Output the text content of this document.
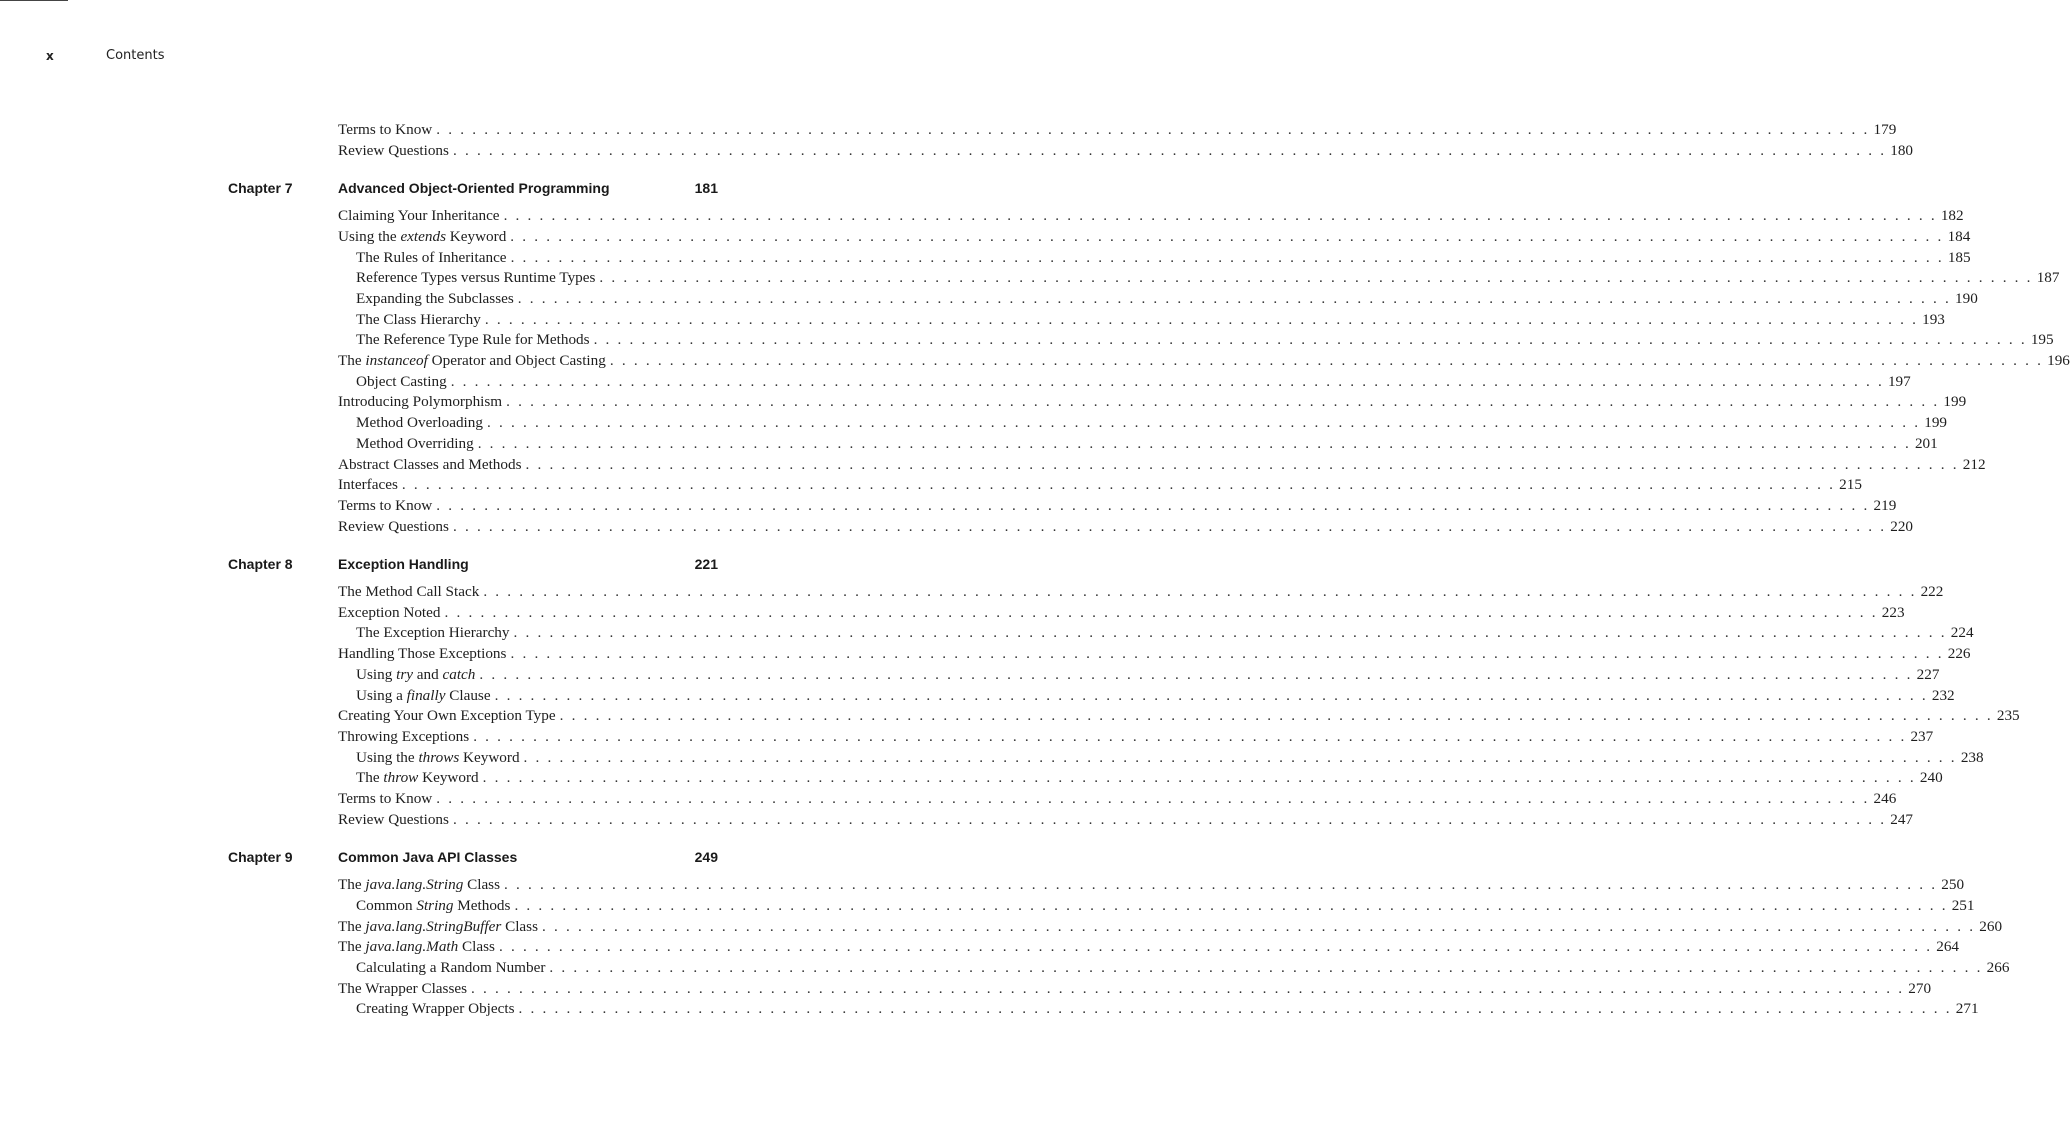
x	Contents
Terms to Know . . . . . . . . . . . . . . . . . . . . . . . . . . . . . . . . . . . . . . . . . . . . . . . . . . . . . . . . . . . . . . . . . . . . . . . . . . . . . . . . . . . . . . . . . . . . . . . . . . . . . . . . . . . . . . . . . . . . . . . . 179
Review Questions . . . . . . . . . . . . . . . . . . . . . . . . . . . . . . . . . . . . . . . . . . . . . . . . . . . . . . . . . . . . . . . . . . . . . . . . . . . . . . . . . . . . . . . . . . . . . . . . . . . . . . . . . . . . . . . . . . . . . . . . 180
Chapter 7	Advanced Object-Oriented Programming	181
Claiming Your Inheritance . . . . . . . . . . . . . . . . . . . . . . . . . . . . . . . . . . . . . . . . . . . . . . . . . . . . . . . . . . . . . . . . . . . . . . . . . . . . . . . . . . . . . . . . . . . . . . . . . . . . . . . . . . . . . . . . . . . . . . . . 182
Using the extends Keyword . . . . . . . . . . . . . . . . . . . . . . . . . . . . . . . . . . . . . . . . . . . . . . . . . . . . . . . . . . . . . . . . . . . . . . . . . . . . . . . . . . . . . . . . . . . . . . . . . . . . . . . . . . . . . . . . . . . . . . . . 184
The Rules of Inheritance . . . . . . . . . . . . . . . . . . . . . . . . . . . . . . . . . . . . . . . . . . . . . . . . . . . . . . . . . . . . . . . . . . . . . . . . . . . . . . . . . . . . . . . . . . . . . . . . . . . . . . . . . . . . . . . . . . . . . . . . 185
Reference Types versus Runtime Types . . . . . . . . . . . . . . . . . . . . . . . . . . . . . . . . . . . . . . . . . . . . . . . . . . . . . . . . . . . . . . . . . . . . . . . . . . . . . . . . . . . . . . . . . . . . . . . . . . . . . . . . . . . . . . . . . . . . . . . . 187
Expanding the Subclasses . . . . . . . . . . . . . . . . . . . . . . . . . . . . . . . . . . . . . . . . . . . . . . . . . . . . . . . . . . . . . . . . . . . . . . . . . . . . . . . . . . . . . . . . . . . . . . . . . . . . . . . . . . . . . . . . . . . . . . . . 190
The Class Hierarchy . . . . . . . . . . . . . . . . . . . . . . . . . . . . . . . . . . . . . . . . . . . . . . . . . . . . . . . . . . . . . . . . . . . . . . . . . . . . . . . . . . . . . . . . . . . . . . . . . . . . . . . . . . . . . . . . . . . . . . . . 193
The Reference Type Rule for Methods . . . . . . . . . . . . . . . . . . . . . . . . . . . . . . . . . . . . . . . . . . . . . . . . . . . . . . . . . . . . . . . . . . . . . . . . . . . . . . . . . . . . . . . . . . . . . . . . . . . . . . . . . . . . . . . . . . . . . . . . 195
The instanceof Operator and Object Casting . . . . . . . . . . . . . . . . . . . . . . . . . . . . . . . . . . . . . . . . . . . . . . . . . . . . . . . . . . . . . . . . . . . . . . . . . . . . . . . . . . . . . . . . . . . . . . . . . . . . . . . . . . . . . . . . . . . . . . . . 196
Object Casting . . . . . . . . . . . . . . . . . . . . . . . . . . . . . . . . . . . . . . . . . . . . . . . . . . . . . . . . . . . . . . . . . . . . . . . . . . . . . . . . . . . . . . . . . . . . . . . . . . . . . . . . . . . . . . . . . . . . . . . . 197
Introducing Polymorphism . . . . . . . . . . . . . . . . . . . . . . . . . . . . . . . . . . . . . . . . . . . . . . . . . . . . . . . . . . . . . . . . . . . . . . . . . . . . . . . . . . . . . . . . . . . . . . . . . . . . . . . . . . . . . . . . . . . . . . . . 199
Method Overloading . . . . . . . . . . . . . . . . . . . . . . . . . . . . . . . . . . . . . . . . . . . . . . . . . . . . . . . . . . . . . . . . . . . . . . . . . . . . . . . . . . . . . . . . . . . . . . . . . . . . . . . . . . . . . . . . . . . . . . . . 199
Method Overriding . . . . . . . . . . . . . . . . . . . . . . . . . . . . . . . . . . . . . . . . . . . . . . . . . . . . . . . . . . . . . . . . . . . . . . . . . . . . . . . . . . . . . . . . . . . . . . . . . . . . . . . . . . . . . . . . . . . . . . . . 201
Abstract Classes and Methods . . . . . . . . . . . . . . . . . . . . . . . . . . . . . . . . . . . . . . . . . . . . . . . . . . . . . . . . . . . . . . . . . . . . . . . . . . . . . . . . . . . . . . . . . . . . . . . . . . . . . . . . . . . . . . . . . . . . . . . . 212
Interfaces . . . . . . . . . . . . . . . . . . . . . . . . . . . . . . . . . . . . . . . . . . . . . . . . . . . . . . . . . . . . . . . . . . . . . . . . . . . . . . . . . . . . . . . . . . . . . . . . . . . . . . . . . . . . . . . . . . . . . . . . 215
Terms to Know . . . . . . . . . . . . . . . . . . . . . . . . . . . . . . . . . . . . . . . . . . . . . . . . . . . . . . . . . . . . . . . . . . . . . . . . . . . . . . . . . . . . . . . . . . . . . . . . . . . . . . . . . . . . . . . . . . . . . . . . 219
Review Questions . . . . . . . . . . . . . . . . . . . . . . . . . . . . . . . . . . . . . . . . . . . . . . . . . . . . . . . . . . . . . . . . . . . . . . . . . . . . . . . . . . . . . . . . . . . . . . . . . . . . . . . . . . . . . . . . . . . . . . . . 220
Chapter 8	Exception Handling	221
The Method Call Stack . . . . . . . . . . . . . . . . . . . . . . . . . . . . . . . . . . . . . . . . . . . . . . . . . . . . . . . . . . . . . . . . . . . . . . . . . . . . . . . . . . . . . . . . . . . . . . . . . . . . . . . . . . . . . . . . . . . . . . . . 222
Exception Noted . . . . . . . . . . . . . . . . . . . . . . . . . . . . . . . . . . . . . . . . . . . . . . . . . . . . . . . . . . . . . . . . . . . . . . . . . . . . . . . . . . . . . . . . . . . . . . . . . . . . . . . . . . . . . . . . . . . . . . . . 223
The Exception Hierarchy . . . . . . . . . . . . . . . . . . . . . . . . . . . . . . . . . . . . . . . . . . . . . . . . . . . . . . . . . . . . . . . . . . . . . . . . . . . . . . . . . . . . . . . . . . . . . . . . . . . . . . . . . . . . . . . . . . . . . . . . 224
Handling Those Exceptions . . . . . . . . . . . . . . . . . . . . . . . . . . . . . . . . . . . . . . . . . . . . . . . . . . . . . . . . . . . . . . . . . . . . . . . . . . . . . . . . . . . . . . . . . . . . . . . . . . . . . . . . . . . . . . . . . . . . . . . . 226
Using try and catch . . . . . . . . . . . . . . . . . . . . . . . . . . . . . . . . . . . . . . . . . . . . . . . . . . . . . . . . . . . . . . . . . . . . . . . . . . . . . . . . . . . . . . . . . . . . . . . . . . . . . . . . . . . . . . . . . . . . . . . . 227
Using a finally Clause . . . . . . . . . . . . . . . . . . . . . . . . . . . . . . . . . . . . . . . . . . . . . . . . . . . . . . . . . . . . . . . . . . . . . . . . . . . . . . . . . . . . . . . . . . . . . . . . . . . . . . . . . . . . . . . . . . . . . . . . 232
Creating Your Own Exception Type . . . . . . . . . . . . . . . . . . . . . . . . . . . . . . . . . . . . . . . . . . . . . . . . . . . . . . . . . . . . . . . . . . . . . . . . . . . . . . . . . . . . . . . . . . . . . . . . . . . . . . . . . . . . . . . . . . . . . . . . 235
Throwing Exceptions . . . . . . . . . . . . . . . . . . . . . . . . . . . . . . . . . . . . . . . . . . . . . . . . . . . . . . . . . . . . . . . . . . . . . . . . . . . . . . . . . . . . . . . . . . . . . . . . . . . . . . . . . . . . . . . . . . . . . . . . 237
Using the throws Keyword . . . . . . . . . . . . . . . . . . . . . . . . . . . . . . . . . . . . . . . . . . . . . . . . . . . . . . . . . . . . . . . . . . . . . . . . . . . . . . . . . . . . . . . . . . . . . . . . . . . . . . . . . . . . . . . . . . . . . . . . 238
The throw Keyword . . . . . . . . . . . . . . . . . . . . . . . . . . . . . . . . . . . . . . . . . . . . . . . . . . . . . . . . . . . . . . . . . . . . . . . . . . . . . . . . . . . . . . . . . . . . . . . . . . . . . . . . . . . . . . . . . . . . . . . . 240
Terms to Know . . . . . . . . . . . . . . . . . . . . . . . . . . . . . . . . . . . . . . . . . . . . . . . . . . . . . . . . . . . . . . . . . . . . . . . . . . . . . . . . . . . . . . . . . . . . . . . . . . . . . . . . . . . . . . . . . . . . . . . . 246
Review Questions . . . . . . . . . . . . . . . . . . . . . . . . . . . . . . . . . . . . . . . . . . . . . . . . . . . . . . . . . . . . . . . . . . . . . . . . . . . . . . . . . . . . . . . . . . . . . . . . . . . . . . . . . . . . . . . . . . . . . . . . 247
Chapter 9	Common Java API Classes	249
The java.lang.String Class . . . . . . . . . . . . . . . . . . . . . . . . . . . . . . . . . . . . . . . . . . . . . . . . . . . . . . . . . . . . . . . . . . . . . . . . . . . . . . . . . . . . . . . . . . . . . . . . . . . . . . . . . . . . . . . . . . . . . . . . 250
Common String Methods . . . . . . . . . . . . . . . . . . . . . . . . . . . . . . . . . . . . . . . . . . . . . . . . . . . . . . . . . . . . . . . . . . . . . . . . . . . . . . . . . . . . . . . . . . . . . . . . . . . . . . . . . . . . . . . . . . . . . . . . 251
The java.lang.StringBuffer Class . . . . . . . . . . . . . . . . . . . . . . . . . . . . . . . . . . . . . . . . . . . . . . . . . . . . . . . . . . . . . . . . . . . . . . . . . . . . . . . . . . . . . . . . . . . . . . . . . . . . . . . . . . . . . . . . . . . . . . . . 260
The java.lang.Math Class . . . . . . . . . . . . . . . . . . . . . . . . . . . . . . . . . . . . . . . . . . . . . . . . . . . . . . . . . . . . . . . . . . . . . . . . . . . . . . . . . . . . . . . . . . . . . . . . . . . . . . . . . . . . . . . . . . . . . . . . 264
Calculating a Random Number . . . . . . . . . . . . . . . . . . . . . . . . . . . . . . . . . . . . . . . . . . . . . . . . . . . . . . . . . . . . . . . . . . . . . . . . . . . . . . . . . . . . . . . . . . . . . . . . . . . . . . . . . . . . . . . . . . . . . . . . 266
The Wrapper Classes . . . . . . . . . . . . . . . . . . . . . . . . . . . . . . . . . . . . . . . . . . . . . . . . . . . . . . . . . . . . . . . . . . . . . . . . . . . . . . . . . . . . . . . . . . . . . . . . . . . . . . . . . . . . . . . . . . . . . . . . 270
Creating Wrapper Objects . . . . . . . . . . . . . . . . . . . . . . . . . . . . . . . . . . . . . . . . . . . . . . . . . . . . . . . . . . . . . . . . . . . . . . . . . . . . . . . . . . . . . . . . . . . . . . . . . . . . . . . . . . . . . . . . . . . . . . . . 271
